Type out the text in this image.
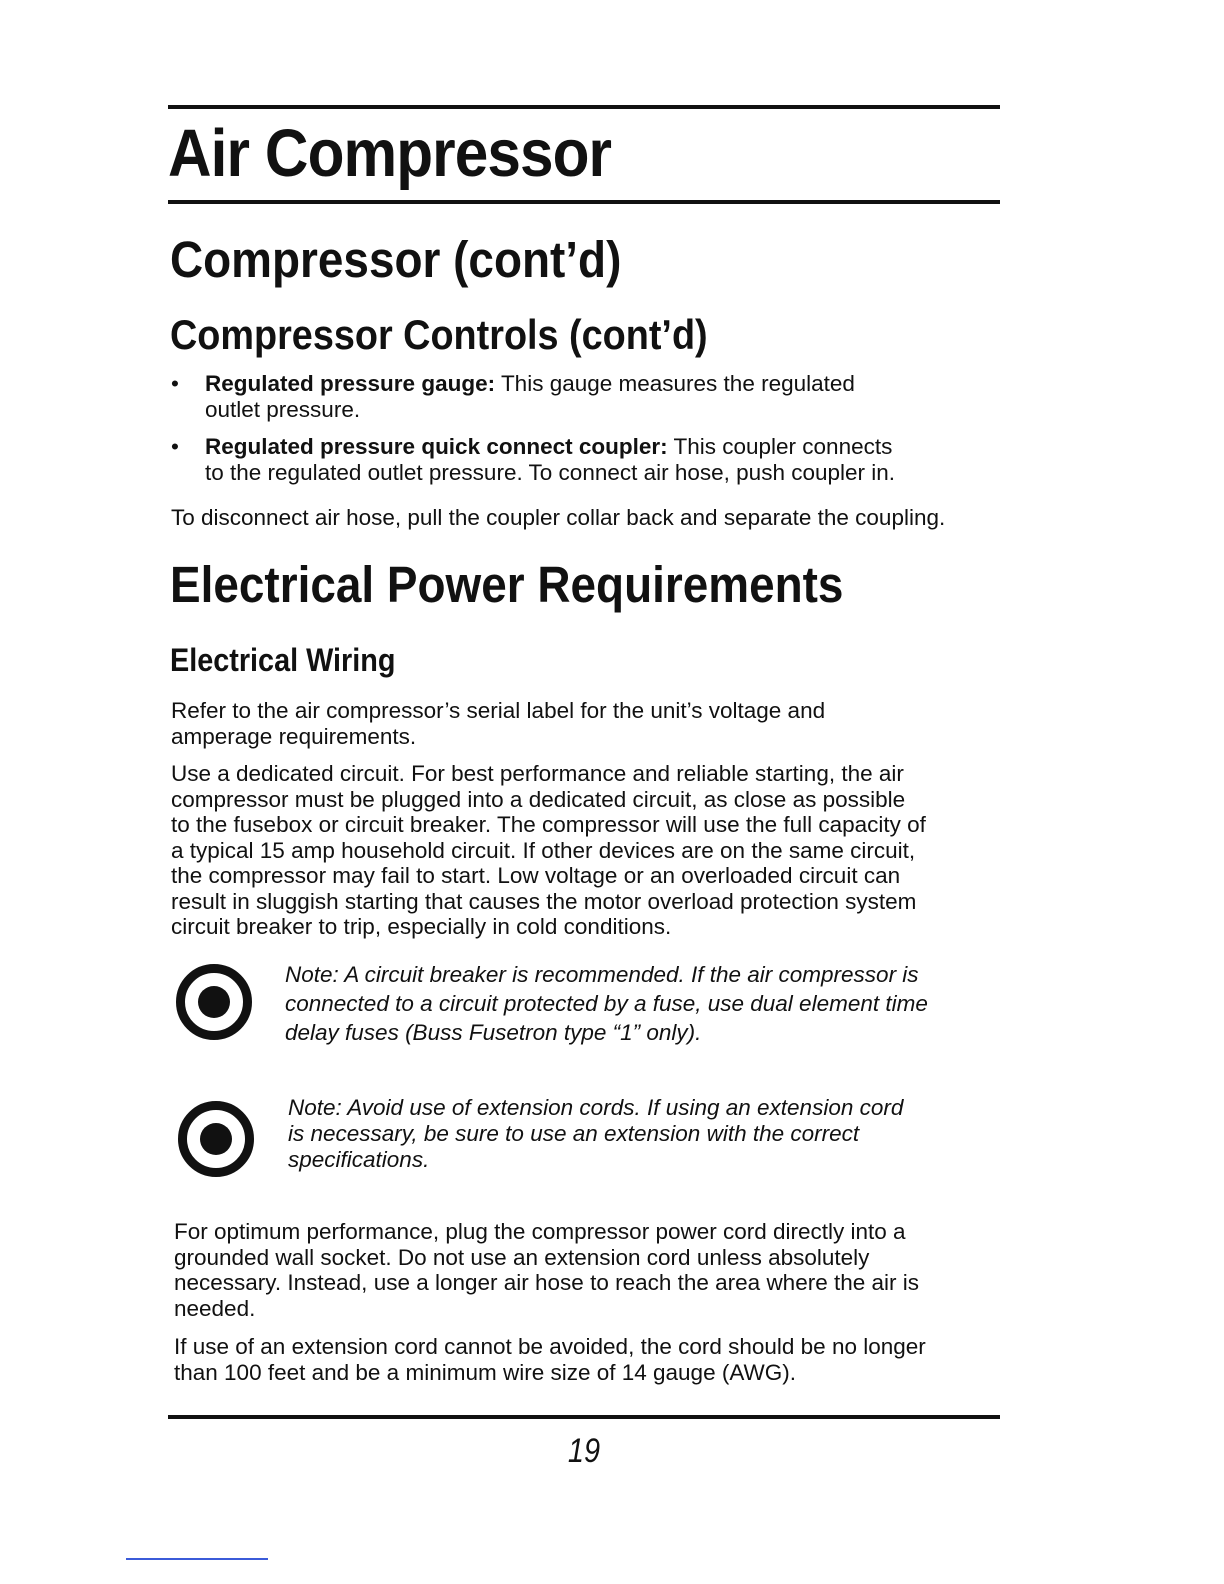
Air Compressor
Compressor (cont’d)
Compressor Controls (cont’d)
• Regulated pressure gauge: This gauge measures the regulated
outlet pressure.
• Regulated pressure quick connect coupler: This coupler connects
to the regulated outlet pressure. To connect air hose, push coupler in.

To disconnect air hose, pull the coupler collar back and separate the coupling.

Electrical Power Requirements
Electrical Wiring

Refer to the air compressor’s serial label for the unit’s voltage and
amperage requirements.

Use a dedicated circuit. For best performance and reliable starting, the air
compressor must be plugged into a dedicated circuit, as close as possible
to the fusebox or circuit breaker. The compressor will use the full capacity of
a typical 15 amp household circuit. If other devices are on the same circuit,
the compressor may fail to start. Low voltage or an overloaded circuit can
result in sluggish starting that causes the motor overload protection system
circuit breaker to trip, especially in cold conditions.

Note: A circuit breaker is recommended. If the air compressor is
connected to a circuit protected by a fuse, use dual element time
delay fuses (Buss Fusetron type “1” only).

Note: Avoid use of extension cords. If using an extension cord
is necessary, be sure to use an extension with the correct
specifications.

For optimum performance, plug the compressor power cord directly into a
grounded wall socket. Do not use an extension cord unless absolutely
necessary. Instead, use a longer air hose to reach the area where the air is
needed.

If use of an extension cord cannot be avoided, the cord should be no longer
than 100 feet and be a minimum wire size of 14 gauge (AWG).

19
